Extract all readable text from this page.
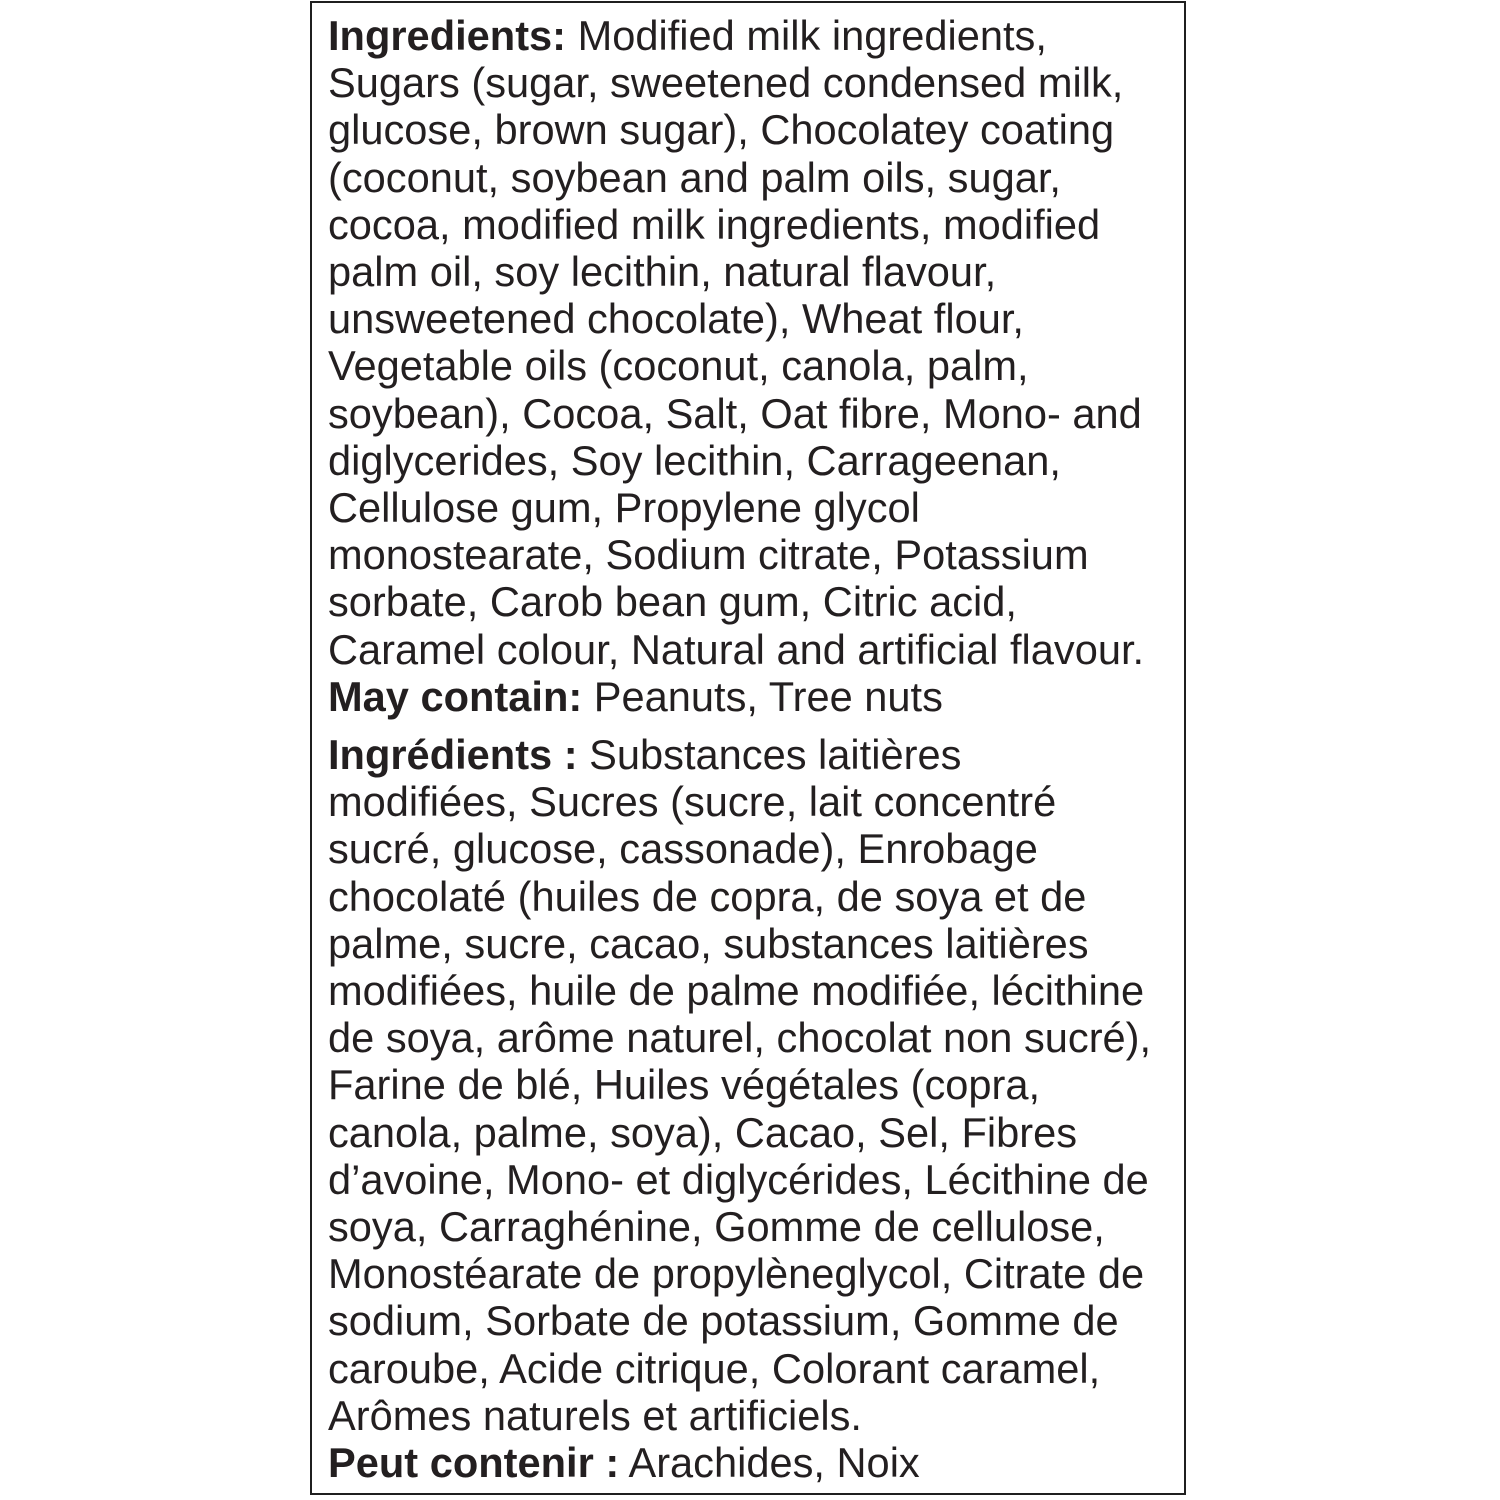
Ingredients: Modified milk ingredients,
Sugars (sugar, sweetened condensed milk,
glucose, brown sugar), Chocolatey coating
(coconut, soybean and palm oils, sugar,
cocoa, modified milk ingredients, modified
palm oil, soy lecithin, natural flavour,
unsweetened chocolate), Wheat flour,
Vegetable oils (coconut, canola, palm,
soybean), Cocoa, Salt, Oat fibre, Mono- and
diglycerides, Soy lecithin, Carrageenan,
Cellulose gum, Propylene glycol
monostearate, Sodium citrate, Potassium
sorbate, Carob bean gum, Citric acid,
Caramel colour, Natural and artificial flavour.
May contain: Peanuts, Tree nuts
Ingrédients : Substances laitières
modifiées, Sucres (sucre, lait concentré
sucré, glucose, cassonade), Enrobage
chocolaté (huiles de copra, de soya et de
palme, sucre, cacao, substances laitières
modifiées, huile de palme modifiée, lécithine
de soya, arôme naturel, chocolat non sucré),
Farine de blé, Huiles végétales (copra,
canola, palme, soya), Cacao, Sel, Fibres
d’avoine, Mono- et diglycérides, Lécithine de
soya, Carraghénine, Gomme de cellulose,
Monostéarate de propylèneglycol, Citrate de
sodium, Sorbate de potassium, Gomme de
caroube, Acide citrique, Colorant caramel,
Arômes naturels et artificiels.
Peut contenir : Arachides, Noix
